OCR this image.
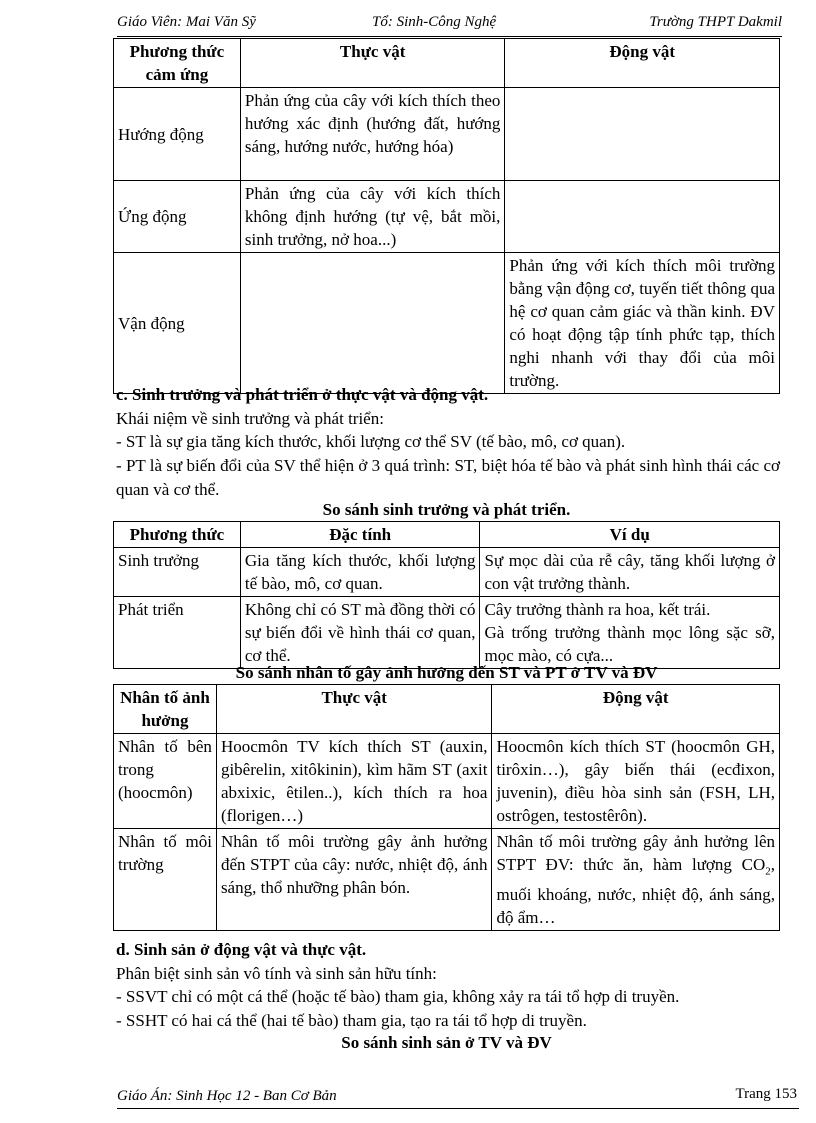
Giáo Viên: Mai Văn Sỹ	Tổ: Sinh-Công Nghệ	Trường THPT Dakmil
Phương thức cảm ứng	Thực vật	Động vật
Hướng động	Phản ứng của cây với kích thích theo hướng xác định (hướng đất, hướng sáng, hướng nước, hướng hóa)	
Ứng động	Phản ứng của cây với kích thích không định hướng (tự vệ, bắt mồi, sinh trưởng, nở hoa...)	
Vận động		Phản ứng với kích thích môi trường bằng vận động cơ, tuyến tiết thông qua hệ cơ quan cảm giác và thần kinh. ĐV có hoạt động tập tính phức tạp, thích nghi nhanh với thay đổi của môi trường.
c. Sinh trưởng và phát triển ở thực vật và động vật.
Khái niệm về sinh trưởng và phát triển:
- ST là sự gia tăng kích thước, khối lượng cơ thể SV (tế bào, mô, cơ quan).
- PT là sự biến đổi của SV thể hiện ở 3 quá trình: ST, biệt hóa tế bào và phát sinh hình thái các cơ quan và cơ thể.
So sánh sinh trưởng và phát triển.
Phương thức	Đặc tính	Ví dụ
Sinh trưởng	Gia tăng kích thước, khối lượng tế bào, mô, cơ quan.	Sự mọc dài của rễ cây, tăng khối lượng ở con vật trưởng thành.
Phát triển	Không chỉ có ST mà đồng thời có sự biến đổi về hình thái cơ quan, cơ thể.	Cây trưởng thành ra hoa, kết trái.
Gà trống trưởng thành mọc lông sặc sỡ, mọc mào, có cựa...
So sánh nhân tố gây ảnh hưởng đến ST và PT ở TV và ĐV
Nhân tố ảnh hưởng	Thực vật	Động vật
Nhân tố bên trong (hoocmôn)	Hoocmôn TV kích thích ST (auxin, gibêrelin, xitôkinin), kìm hãm ST (axit abxixic, êtilen..), kích thích ra hoa (florigen…)	Hoocmôn kích thích ST (hoocmôn GH, tirôxin…), gây biến thái (ecđixon, juvenin), điều hòa sinh sản (FSH, LH, ostrôgen, testostêrôn).
Nhân tố môi trường	Nhân tố môi trường gây ảnh hưởng đến STPT của cây: nước, nhiệt độ, ánh sáng, thổ nhưỡng phân bón.	Nhân tố môi trường gây ảnh hưởng lên STPT ĐV: thức ăn, hàm lượng $CO_2$, muối khoáng, nước, nhiệt độ, ánh sáng, độ ẩm…
d. Sinh sản ở động vật và thực vật.
Phân biệt sinh sản vô tính và sinh sản hữu tính:
- SSVT chỉ có một cá thể (hoặc tế bào) tham gia, không xảy ra tái tổ hợp di truyền.
- SSHT có hai cá thể (hai tế bào) tham gia, tạo ra tái tổ hợp di truyền.
So sánh sinh sản ở TV và ĐV
Giáo Án: Sinh Học 12 - Ban Cơ Bản	Trang 153
